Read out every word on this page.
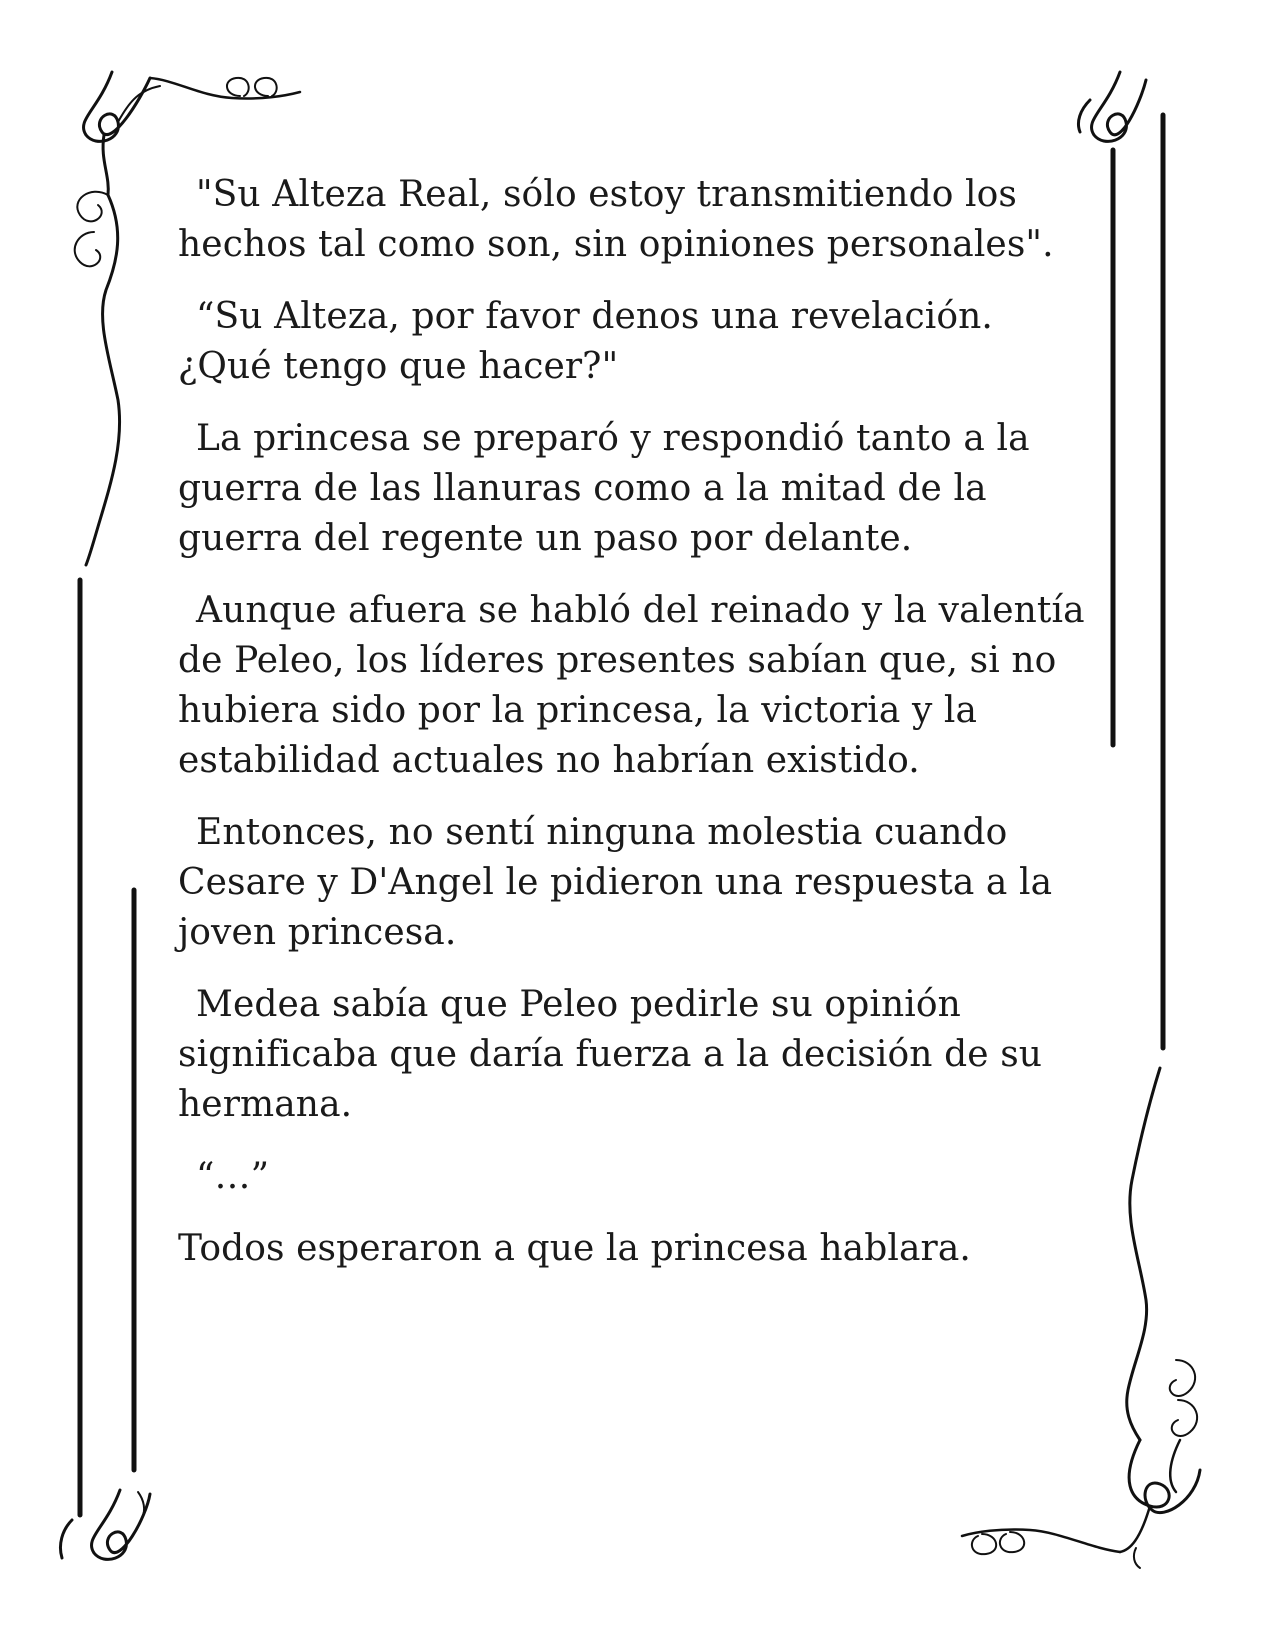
"Su Alteza Real, sólo estoy transmitiendo los hechos tal como son, sin opiniones personales".

“Su Alteza, por favor denos una revelación. ¿Qué tengo que hacer?"

La princesa se preparó y respondió tanto a la guerra de las llanuras como a la mitad de la guerra del regente un paso por delante.

Aunque afuera se habló del reinado y la valentía de Peleo, los líderes presentes sabían que, si no hubiera sido por la princesa, la victoria y la estabilidad actuales no habrían existido.

Entonces, no sentí ninguna molestia cuando Cesare y D'Angel le pidieron una respuesta a la joven princesa.

Medea sabía que Peleo pedirle su opinión significaba que daría fuerza a la decisión de su hermana.

“…”

Todos esperaron a que la princesa hablara.
